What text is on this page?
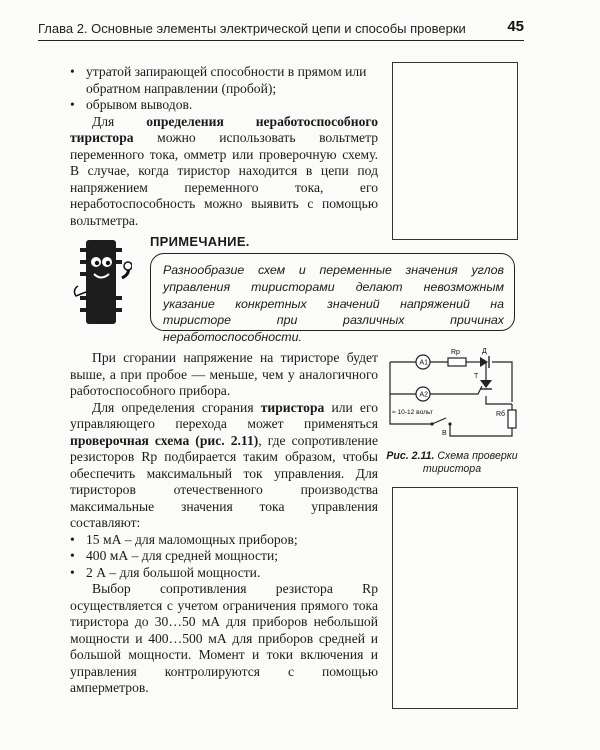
Глава 2. Основные элементы электрической цепи и способы проверки	45

• утратой запирающей способности в прямом или обратном направлении (пробой);

• обрывом выводов.

Для определения неработоспособного тиристора можно использовать вольтметр переменного тока, омметр или проверочную схему. В случае, когда тиристор находится в цепи под напряжением переменного тока, его неработоспособность можно выявить с помощью вольтметра.

ПРИМЕЧАНИЕ.
Разнообразие схем и переменные значения углов управления тиристорами делают невозможным указание конкретных значений напряжений на тиристоре при различных причинах неработоспособности.

При сгорании напряжение на тиристоре будет выше, а при пробое — меньше, чем у аналогичного работоспособного прибора.

Для определения сгорания тиристора или его управляющего перехода может применяться проверочная схема (рис. 2.11), где сопротивление резисторов Rр подбирается таким образом, чтобы обеспечить максимальный ток управления. Для тиристоров отечественного производства максимальные значения тока управления составляют:

• 15 мА – для маломощных приборов;

• 400 мА – для средней мощности;

• 2 А – для большой мощности.

Выбор сопротивления резистора Rр осуществляется с учетом ограничения прямого тока тиристора до 30…50 мА для приборов небольшой мощности и 400…500 мА для приборов средней и большой мощности. Момент и токи включения и управления контролируются с помощью амперметров.

A1
A2
Rр	Д
Т
Rб
В
≈ 10-12 вольт
Рис. 2.11. Схема проверки тиристора
